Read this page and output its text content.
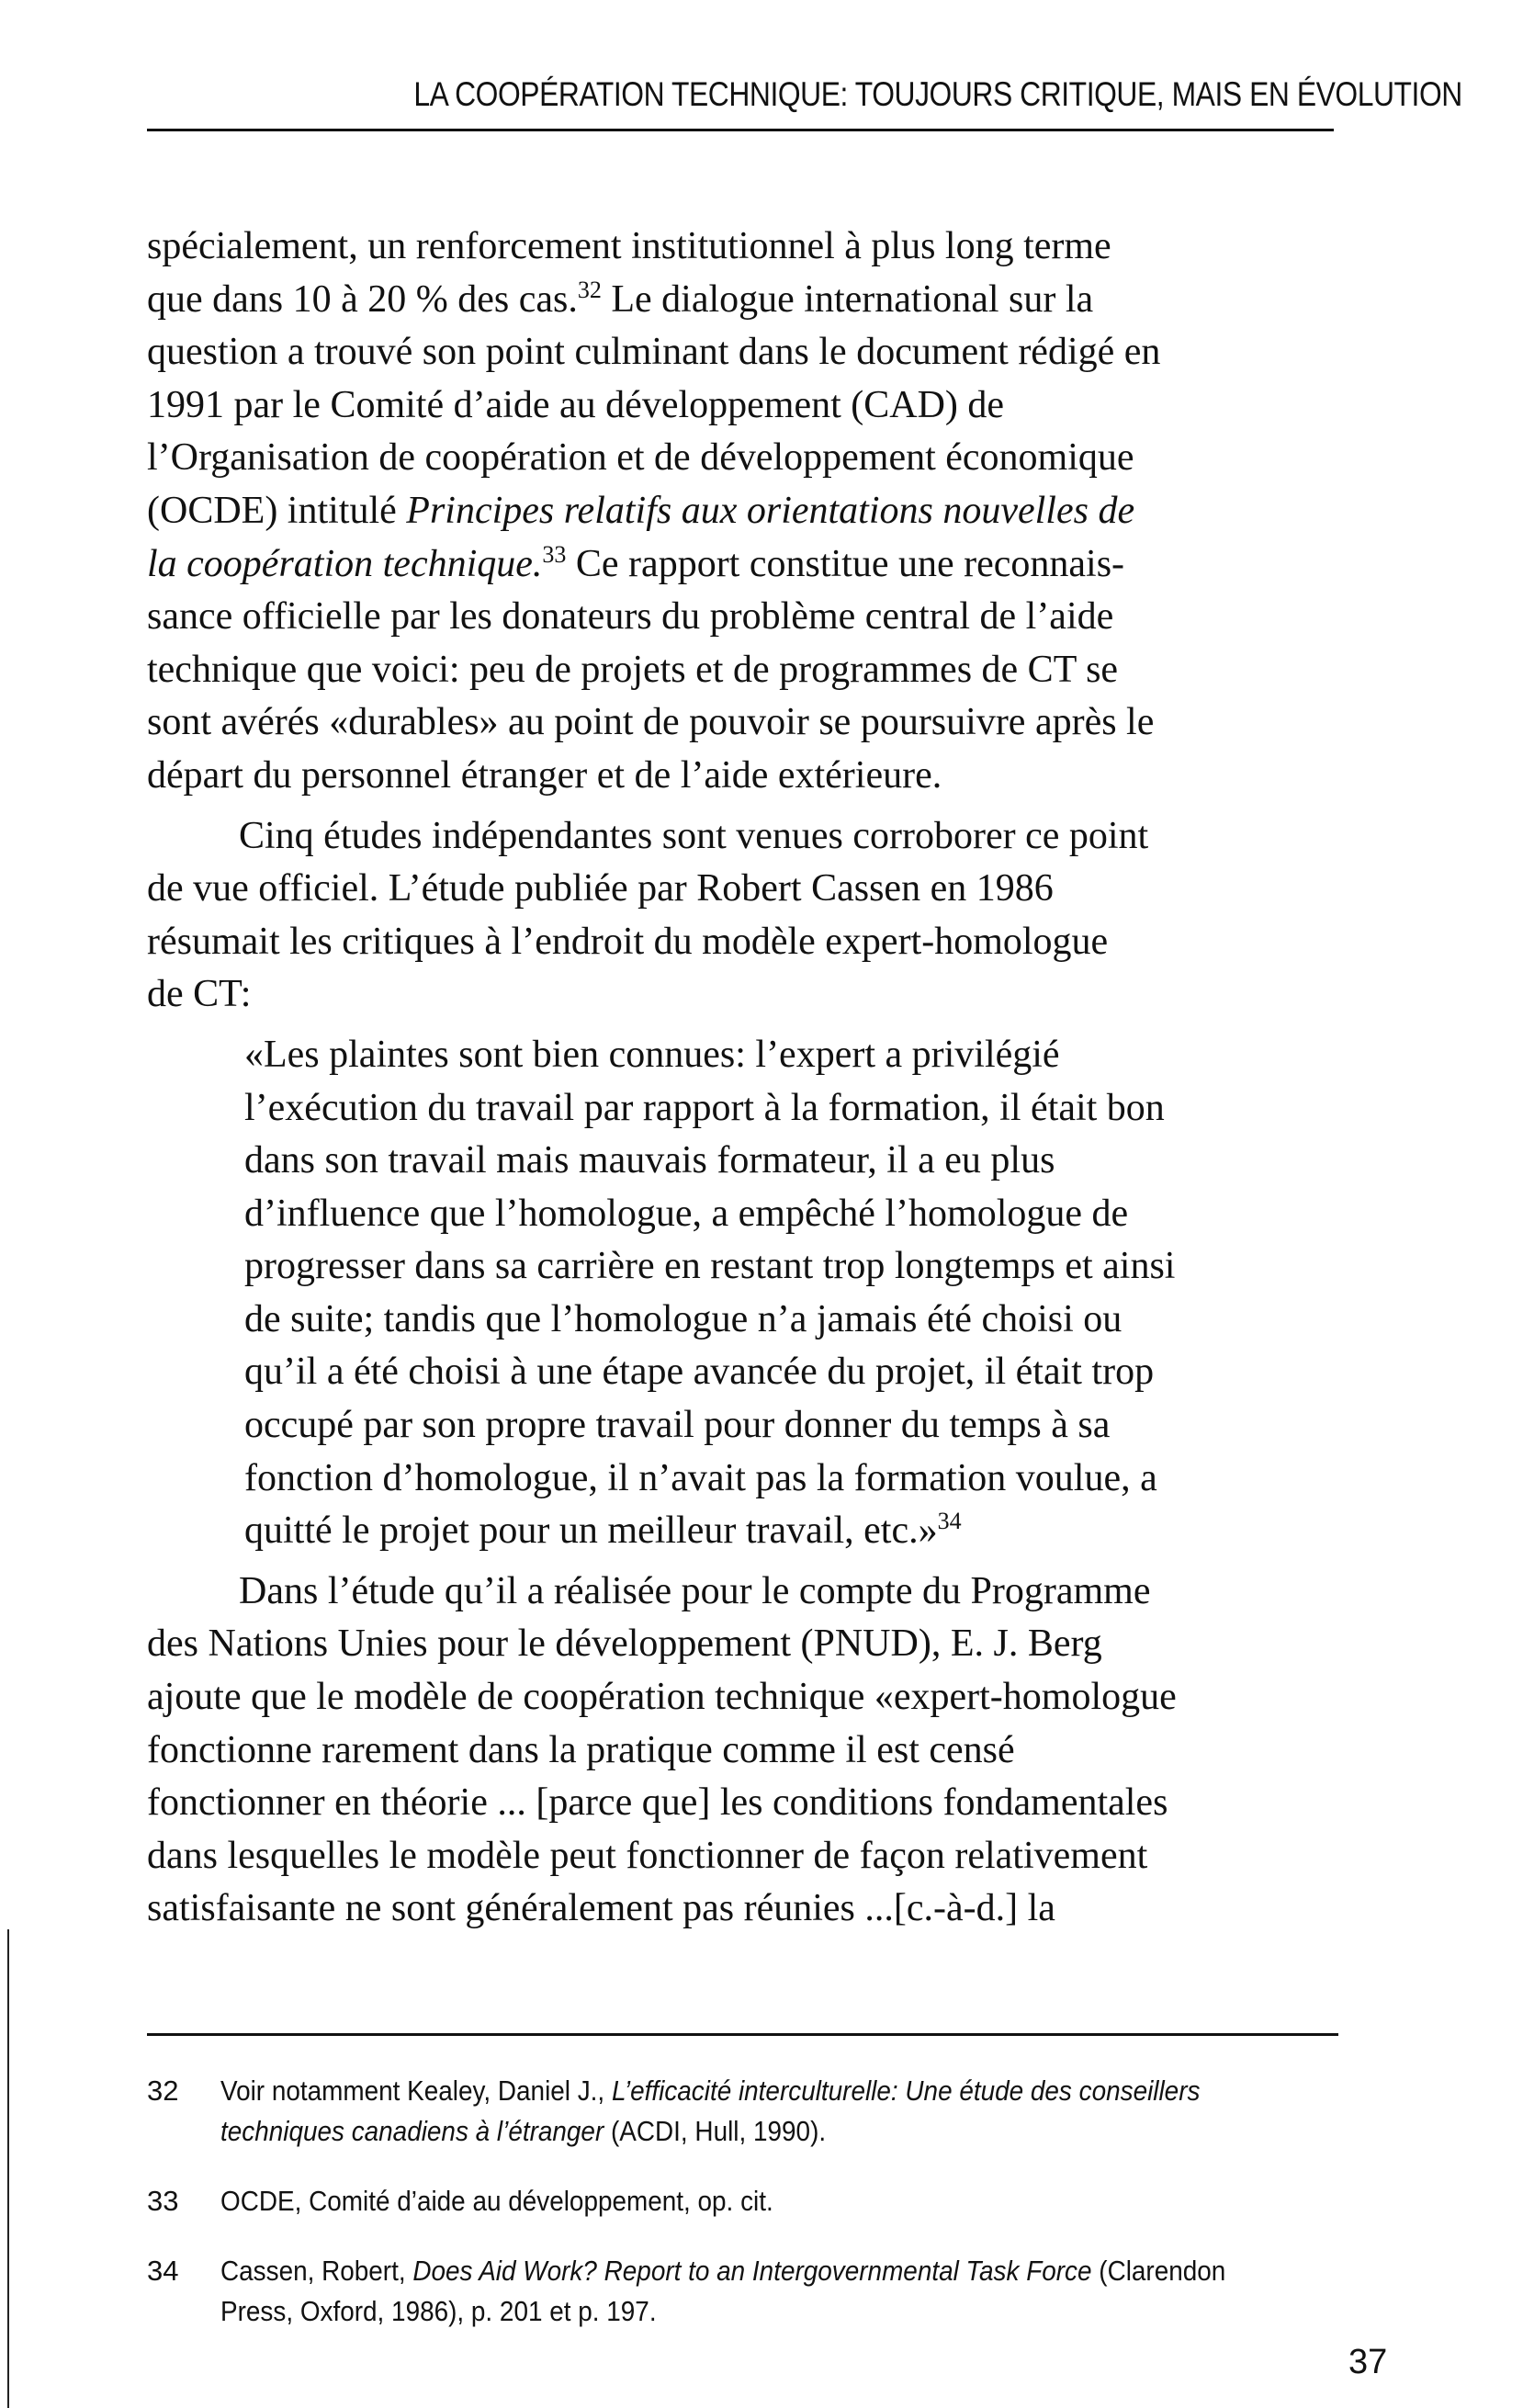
LA COOPÉRATION TECHNIQUE: TOUJOURS CRITIQUE, MAIS EN ÉVOLUTION

spécialement, un renforcement institutionnel à plus long terme
que dans 10 à 20 % des cas.$^{32}$ Le dialogue international sur la
question a trouvé son point culminant dans le document rédigé en
1991 par le Comité d’aide au développement (CAD) de
l’Organisation de coopération et de développement économique
(OCDE) intitulé Principes relatifs aux orientations nouvelles de
la coopération technique.$^{33}$ Ce rapport constitue une reconnais-
sance officielle par les donateurs du problème central de l’aide
technique que voici: peu de projets et de programmes de CT se
sont avérés «durables» au point de pouvoir se poursuivre après le
départ du personnel étranger et de l’aide extérieure.

Cinq études indépendantes sont venues corroborer ce point
de vue officiel. L’étude publiée par Robert Cassen en 1986
résumait les critiques à l’endroit du modèle expert-homologue
de CT:

«Les plaintes sont bien connues: l’expert a privilégié
l’exécution du travail par rapport à la formation, il était bon
dans son travail mais mauvais formateur, il a eu plus
d’influence que l’homologue, a empêché l’homologue de
progresser dans sa carrière en restant trop longtemps et ainsi
de suite; tandis que l’homologue n’a jamais été choisi ou
qu’il a été choisi à une étape avancée du projet, il était trop
occupé par son propre travail pour donner du temps à sa
fonction d’homologue, il n’avait pas la formation voulue, a
quitté le projet pour un meilleur travail, etc.»$^{34}$

Dans l’étude qu’il a réalisée pour le compte du Programme
des Nations Unies pour le développement (PNUD), E. J. Berg
ajoute que le modèle de coopération technique «expert-homologue
fonctionne rarement dans la pratique comme il est censé
fonctionner en théorie ... [parce que] les conditions fondamentales
dans lesquelles le modèle peut fonctionner de façon relativement
satisfaisante ne sont généralement pas réunies ...[c.-à-d.] la

32 Voir notamment Kealey, Daniel J., L’efficacité interculturelle: Une étude des conseillers
techniques canadiens à l’étranger (ACDI, Hull, 1990).
33 OCDE, Comité d’aide au développement, op. cit.
34 Cassen, Robert, Does Aid Work? Report to an Intergovernmental Task Force (Clarendon
Press, Oxford, 1986), p. 201 et p. 197.
37
